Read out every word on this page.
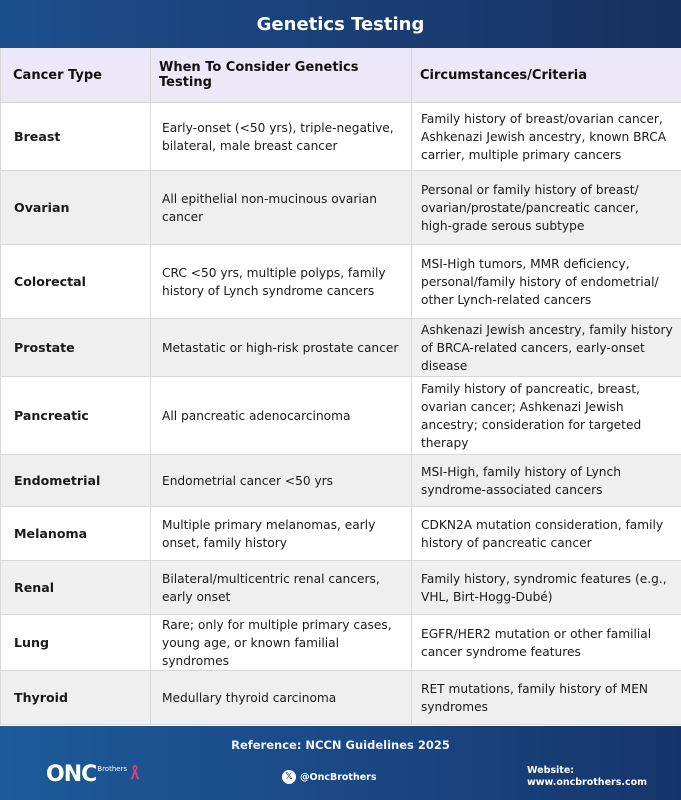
Genetics Testing
Cancer Type	When To Consider Genetics Testing	Circumstances/Criteria
Breast	Early-onset (<50 yrs), triple-negative, bilateral, male breast cancer	Family history of breast/ovarian cancer, Ashkenazi Jewish ancestry, known BRCA carrier, multiple primary cancers
Ovarian	All epithelial non-mucinous ovarian cancer	Personal or family history of breast/ ovarian/prostate/pancreatic cancer, high-grade serous subtype
Colorectal	CRC <50 yrs, multiple polyps, family history of Lynch syndrome cancers	MSI-High tumors, MMR deficiency, personal/family history of endometrial/ other Lynch-related cancers
Prostate	Metastatic or high-risk prostate cancer	Ashkenazi Jewish ancestry, family history of BRCA-related cancers, early-onset disease
Pancreatic	All pancreatic adenocarcinoma	Family history of pancreatic, breast, ovarian cancer; Ashkenazi Jewish ancestry; consideration for targeted therapy
Endometrial	Endometrial cancer <50 yrs	MSI-High, family history of Lynch syndrome-associated cancers
Melanoma	Multiple primary melanomas, early onset, family history	CDKN2A mutation consideration, family history of pancreatic cancer
Renal	Bilateral/multicentric renal cancers, early onset	Family history, syndromic features (e.g., VHL, Birt-Hogg-Dubé)
Lung	Rare; only for multiple primary cases, young age, or known familial syndromes	EGFR/HER2 mutation or other familial cancer syndrome features
Thyroid	Medullary thyroid carcinoma	RET mutations, family history of MEN syndromes
Reference: NCCN Guidelines 2025
ONC Brothers
𝕏 @OncBrothers
Website:
www.oncbrothers.com
